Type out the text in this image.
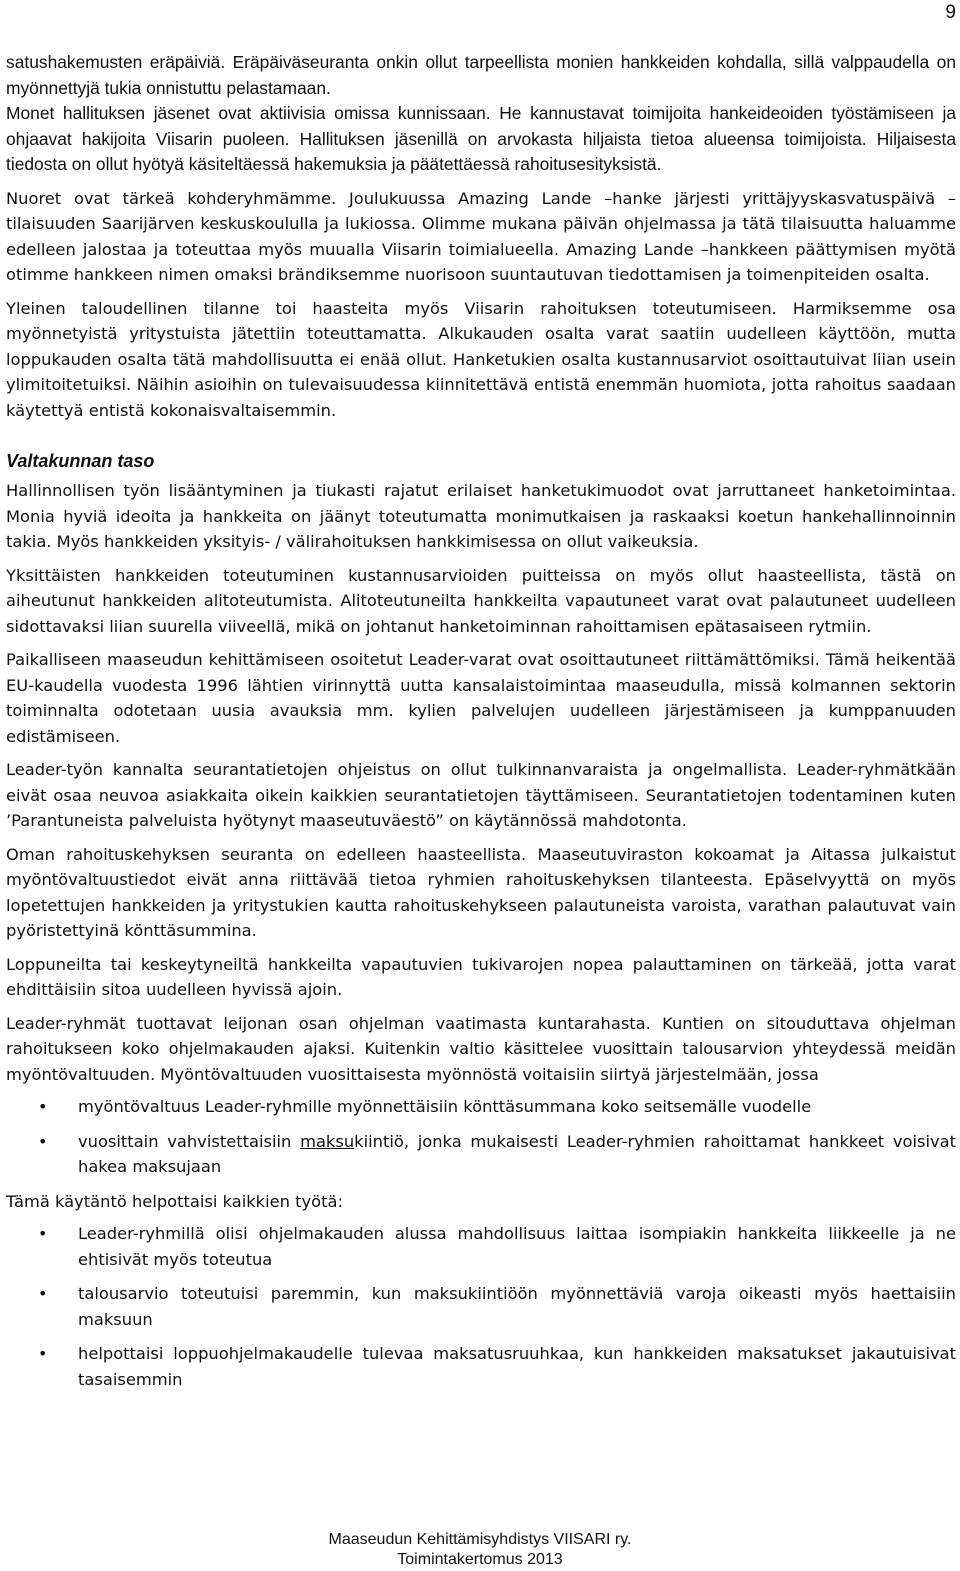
9

satushakemusten eräpäiviä. Eräpäiväseuranta onkin ollut tarpeellista monien hankkeiden kohdalla, sillä valppaudella on myönnettyjä tukia onnistuttu pelastamaan.

Monet hallituksen jäsenet ovat aktiivisia omissa kunnissaan. He kannustavat toimijoita hankeideoiden työstämiseen ja ohjaavat hakijoita Viisarin puoleen. Hallituksen jäsenillä on arvokasta hiljaista tietoa alueensa toimijoista. Hiljaisesta tiedosta on ollut hyötyä käsiteltäessä hakemuksia ja päätettäessä rahoitusesityksistä.

Nuoret ovat tärkeä kohderyhmämme. Joulukuussa Amazing Lande –hanke järjesti yrittäjyyskasvatuspäivä –tilaisuuden Saarijärven keskuskoululla ja lukiossa. Olimme mukana päivän ohjelmassa ja tätä tilaisuutta haluamme edelleen jalostaa ja toteuttaa myös muualla Viisarin toimialueella. Amazing Lande –hankkeen päättymisen myötä otimme hankkeen nimen omaksi brändiksemme nuorisoon suuntautuvan tiedottamisen ja toimenpiteiden osalta.

Yleinen taloudellinen tilanne toi haasteita myös Viisarin rahoituksen toteutumiseen. Harmiksemme osa myönnetyistä yritystuista jätettiin toteuttamatta. Alkukauden osalta varat saatiin uudelleen käyttöön, mutta loppukauden osalta tätä mahdollisuutta ei enää ollut. Hanketukien osalta kustannusarviot osoittautuivat liian usein ylimitoitetuiksi. Näihin asioihin on tulevaisuudessa kiinnitettävä entistä enemmän huomiota, jotta rahoitus saadaan käytettyä entistä kokonaisvaltaisemmin.

Valtakunnan taso

Hallinnollisen työn lisääntyminen ja tiukasti rajatut erilaiset hanketukimuodot ovat jarruttaneet hanketoimintaa. Monia hyviä ideoita ja hankkeita on jäänyt toteutumatta monimutkaisen ja raskaaksi koetun hankehallinnoinnin takia. Myös hankkeiden yksityis- / välirahoituksen hankkimisessa on ollut vaikeuksia.

Yksittäisten hankkeiden toteutuminen kustannusarvioiden puitteissa on myös ollut haasteellista, tästä on aiheutunut hankkeiden alitoteutumista. Alitoteutuneilta hankkeilta vapautuneet varat ovat palautuneet uudelleen sidottavaksi liian suurella viiveellä, mikä on johtanut hanketoiminnan rahoittamisen epätasaiseen rytmiin.

Paikalliseen maaseudun kehittämiseen osoitetut Leader-varat ovat osoittautuneet riittämättömiksi. Tämä heikentää EU-kaudella vuodesta 1996 lähtien virinnyttä uutta kansalaistoimintaa maaseudulla, missä kolmannen sektorin toiminnalta odotetaan uusia avauksia mm. kylien palvelujen uudelleen järjestämiseen ja kumppanuuden edistämiseen.

Leader-työn kannalta seurantatietojen ohjeistus on ollut tulkinnanvaraista ja ongelmallista. Leader-ryhmätkään eivät osaa neuvoa asiakkaita oikein kaikkien seurantatietojen täyttämiseen. Seurantatietojen todentaminen kuten ’Parantuneista palveluista hyötynyt maaseutuväestö” on käytännössä mahdotonta.

Oman rahoituskehyksen seuranta on edelleen haasteellista. Maaseutuviraston kokoamat ja Aitassa julkaistut myöntövaltuustiedot eivät anna riittävää tietoa ryhmien rahoituskehyksen tilanteesta. Epäselvyyttä on myös lopetettujen hankkeiden ja yritystukien kautta rahoituskehykseen palautuneista varoista, varathan palautuvat vain pyöristettyinä könttäsummina.

Loppuneilta tai keskeytyneiltä hankkeilta vapautuvien tukivarojen nopea palauttaminen on tärkeää, jotta varat ehdittäisiin sitoa uudelleen hyvissä ajoin.

Leader-ryhmät tuottavat leijonan osan ohjelman vaatimasta kuntarahasta. Kuntien on sitouduttava ohjelman rahoitukseen koko ohjelmakauden ajaksi. Kuitenkin valtio käsittelee vuosittain talousarvion yhteydessä meidän myöntövaltuuden. Myöntövaltuuden vuosittaisesta myönnöstä voitaisiin siirtyä järjestelmään, jossa

• myöntövaltuus Leader-ryhmille myönnettäisiin könttäsummana koko seitsemälle vuodelle
• vuosittain vahvistettaisiin maksukiintiö, jonka mukaisesti Leader-ryhmien rahoittamat hankkeet voisivat hakea maksujaan

Tämä käytäntö helpottaisi kaikkien työtä:

• Leader-ryhmillä olisi ohjelmakauden alussa mahdollisuus laittaa isompiakin hankkeita liikkeelle ja ne ehtisivät myös toteutua
• talousarvio toteutuisi paremmin, kun maksukiintiöön myönnettäviä varoja oikeasti myös haettaisiin maksuun
• helpottaisi loppuohjelmakaudelle tulevaa maksatusruuhkaa, kun hankkeiden maksatukset jakautuisivat tasaisemmin
Maaseudun Kehittämisyhdistys VIISARI ry.
Toimintakertomus 2013
